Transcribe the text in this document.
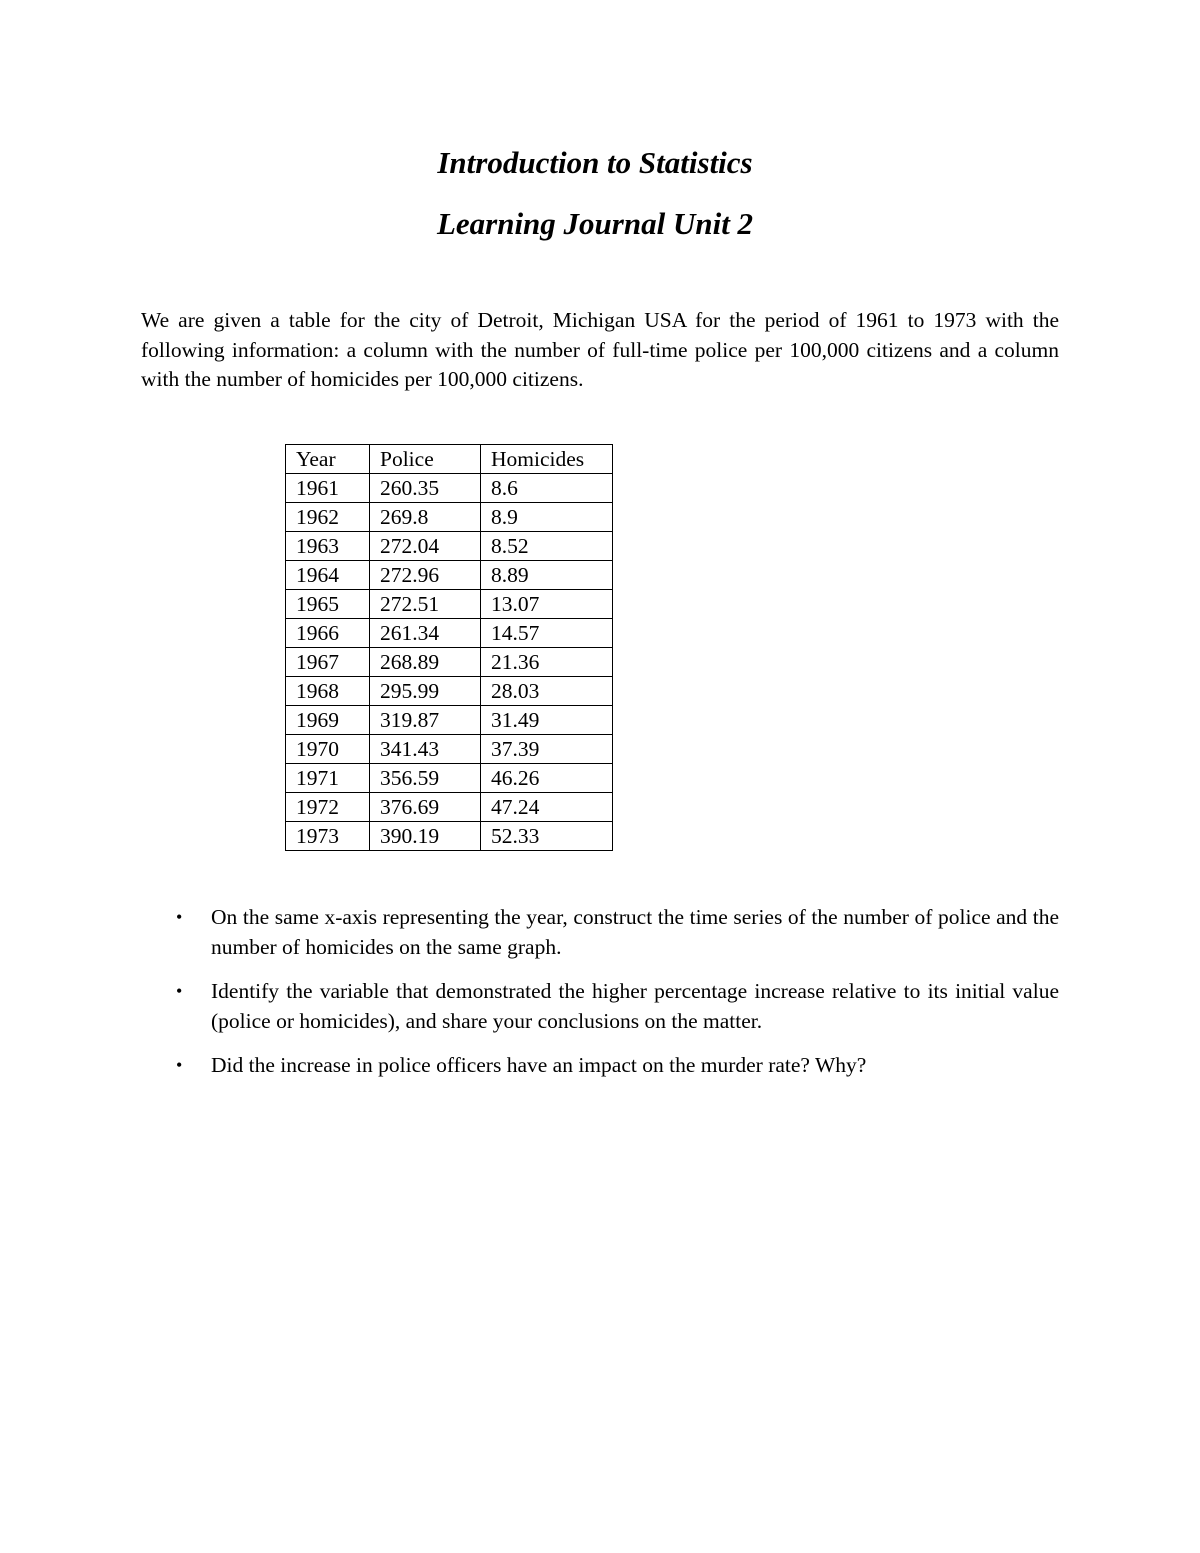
Introduction to Statistics
Learning Journal Unit 2

We are given a table for the city of Detroit, Michigan USA for the period of 1961 to 1973 with the following information: a column with the number of full-time police per 100,000 citizens and a column with the number of homicides per 100,000 citizens.

Year	Police	Homicides
1961	260.35	8.6
1962	269.8	8.9
1963	272.04	8.52
1964	272.96	8.89
1965	272.51	13.07
1966	261.34	14.57
1967	268.89	21.36
1968	295.99	28.03
1969	319.87	31.49
1970	341.43	37.39
1971	356.59	46.26
1972	376.69	47.24
1973	390.19	52.33
• On the same x-axis representing the year, construct the time series of the number of police and the number of homicides on the same graph.
• Identify the variable that demonstrated the higher percentage increase relative to its initial value (police or homicides), and share your conclusions on the matter.
• Did the increase in police officers have an impact on the murder rate? Why?
